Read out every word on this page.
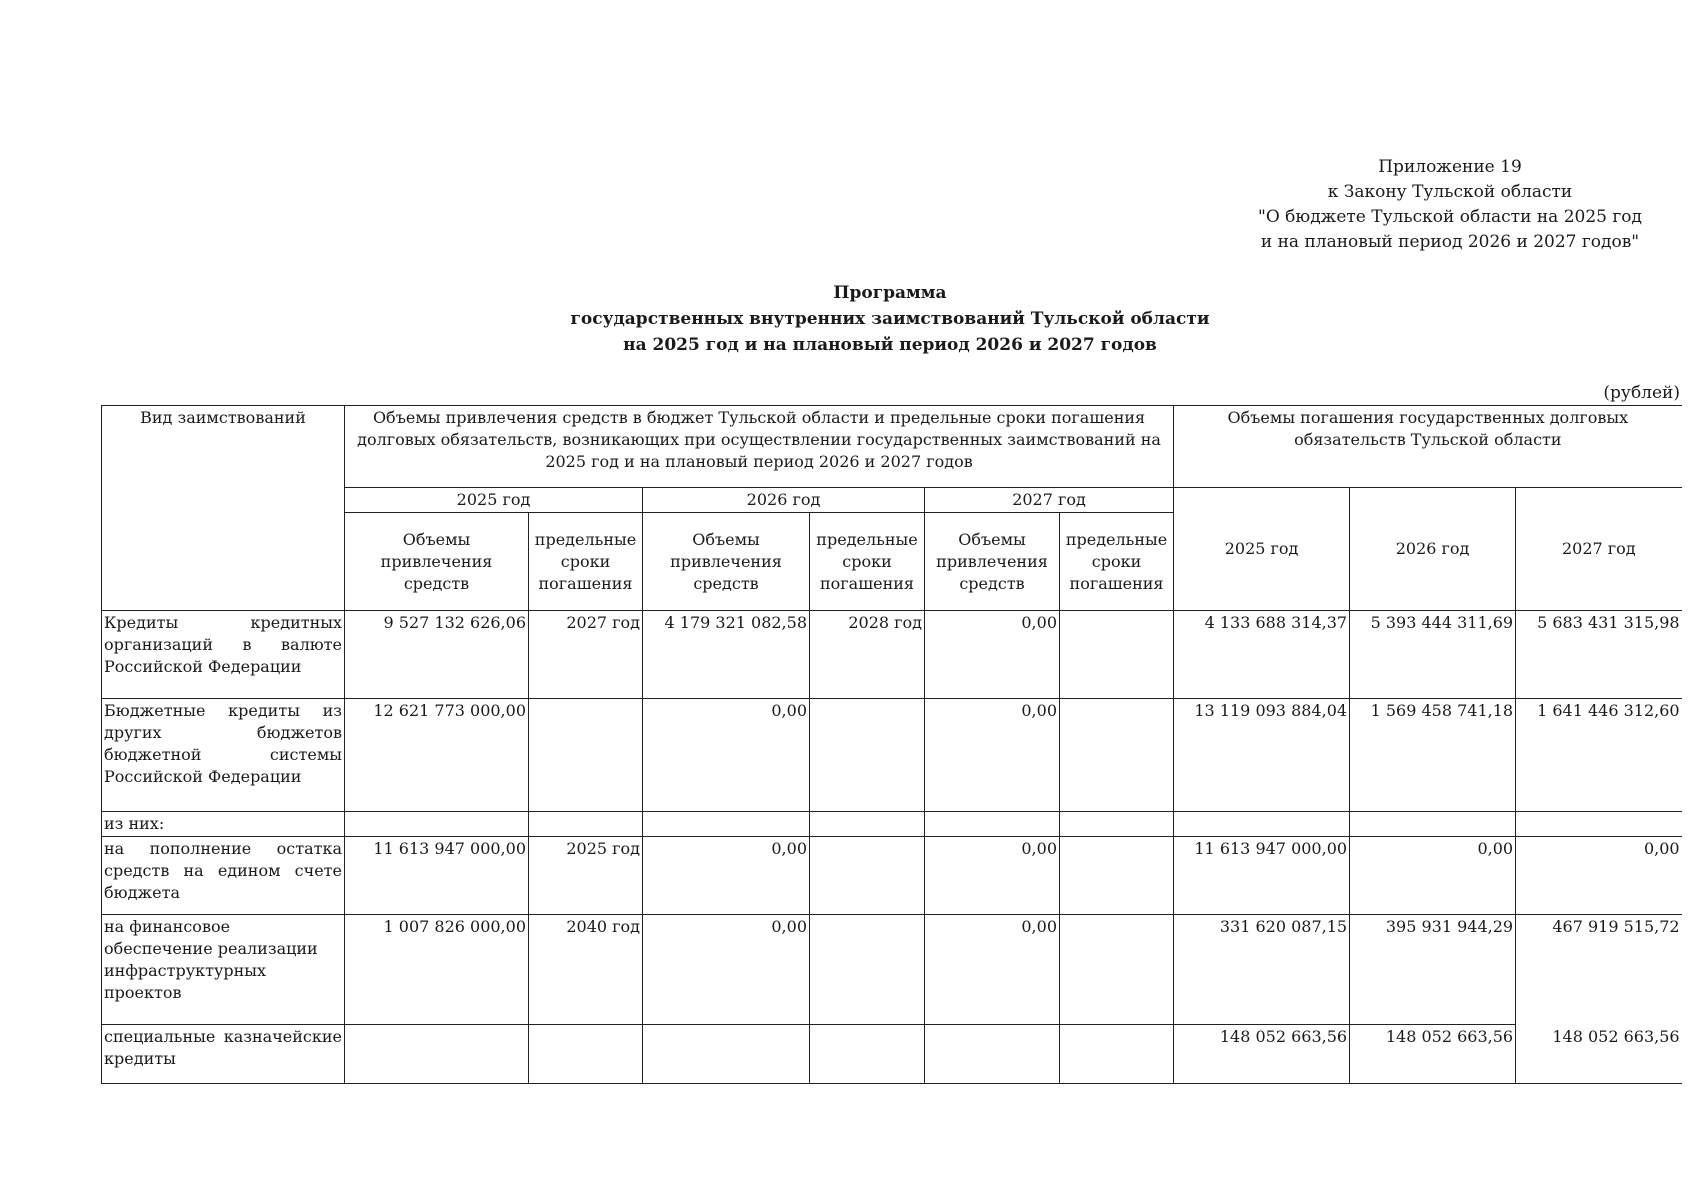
Приложение 19
к Закону Тульской области
"О бюджете Тульской области на 2025 год
и на плановый период 2026 и 2027 годов"
Программа
государственных внутренних заимствований Тульской области
на 2025 год и на плановый период 2026 и 2027 годов
(рублей)
Вид заимствований	Объемы привлечения средств в бюджет Тульской области и предельные сроки погашения долговых обязательств, возникающих при осуществлении государственных заимствований на 2025 год и на плановый период 2026 и 2027 годов						Объемы погашения государственных долговых обязательств Тульской области		
	2025 год		2026 год		2027 год		2025 год	2026 год	2027 год
	Объемы привлечения средств	предельные сроки погашения	Объемы привлечения средств	предельные сроки погашения	Объемы привлечения средств	предельные сроки погашения			
Кредиты кредитных организаций в валюте Российской Федерации	9 527 132 626,06	2027 год	4 179 321 082,58	2028 год	0,00		4 133 688 314,37	5 393 444 311,69	5 683 431 315,98
Бюджетные кредиты из других бюджетов бюджетной системы Российской Федерации	12 621 773 000,00		0,00		0,00		13 119 093 884,04	1 569 458 741,18	1 641 446 312,60
из них:									
на пополнение остатка средств на едином счете бюджета	11 613 947 000,00	2025 год	0,00		0,00		11 613 947 000,00	0,00	0,00
на финансовое обеспечение реализации инфраструктурных проектов	1 007 826 000,00	2040 год	0,00		0,00		331 620 087,15	395 931 944,29	467 919 515,72
специальные казначейские кредиты							148 052 663,56	148 052 663,56	148 052 663,56
